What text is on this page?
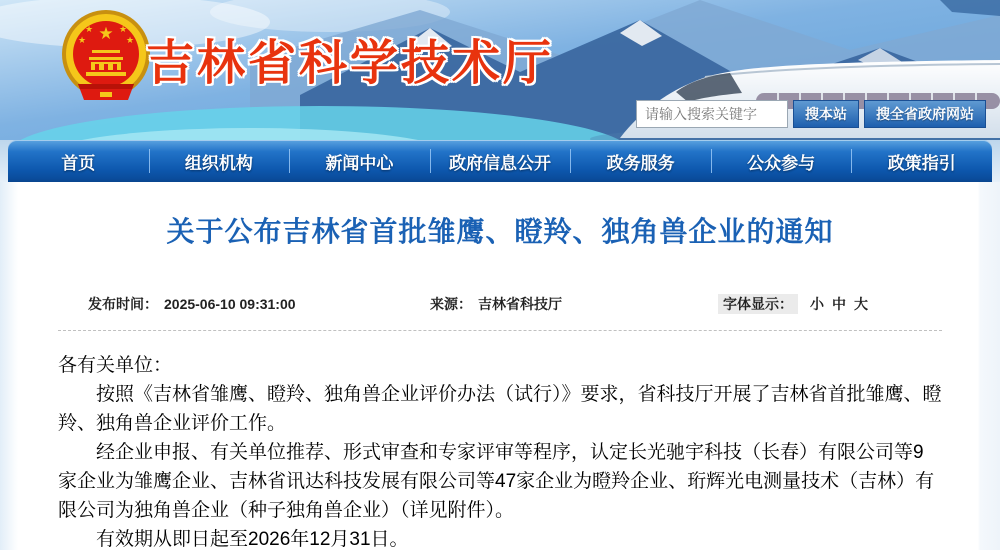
★
★	★
★	★ 吉林省科学技术厅
请输入搜索关键字
搜本站	搜全省政府网站
首页	组织机构	新闻中心	政府信息公开	政务服务	公众参与	政策指引
关于公布吉林省首批雏鹰、瞪羚、独角兽企业的通知
发布时间： 2025-06-10 09:31:00	来源： 吉林省科技厅	字体显示： 小 中 大

各有关单位：

按照《吉林省雏鹰、瞪羚、独角兽企业评价办法（试行）》要求，省科技厅开展了吉林省首批雏鹰、瞪羚、独角兽企业评价工作。

经企业申报、有关单位推荐、形式审查和专家评审等程序，认定长光驰宇科技（长春）有限公司等9家企业为雏鹰企业、吉林省讯达科技发展有限公司等47家企业为瞪羚企业、珩辉光电测量技术（吉林）有限公司为独角兽企业（种子独角兽企业）（详见附件）。

有效期从即日起至2026年12月31日。
